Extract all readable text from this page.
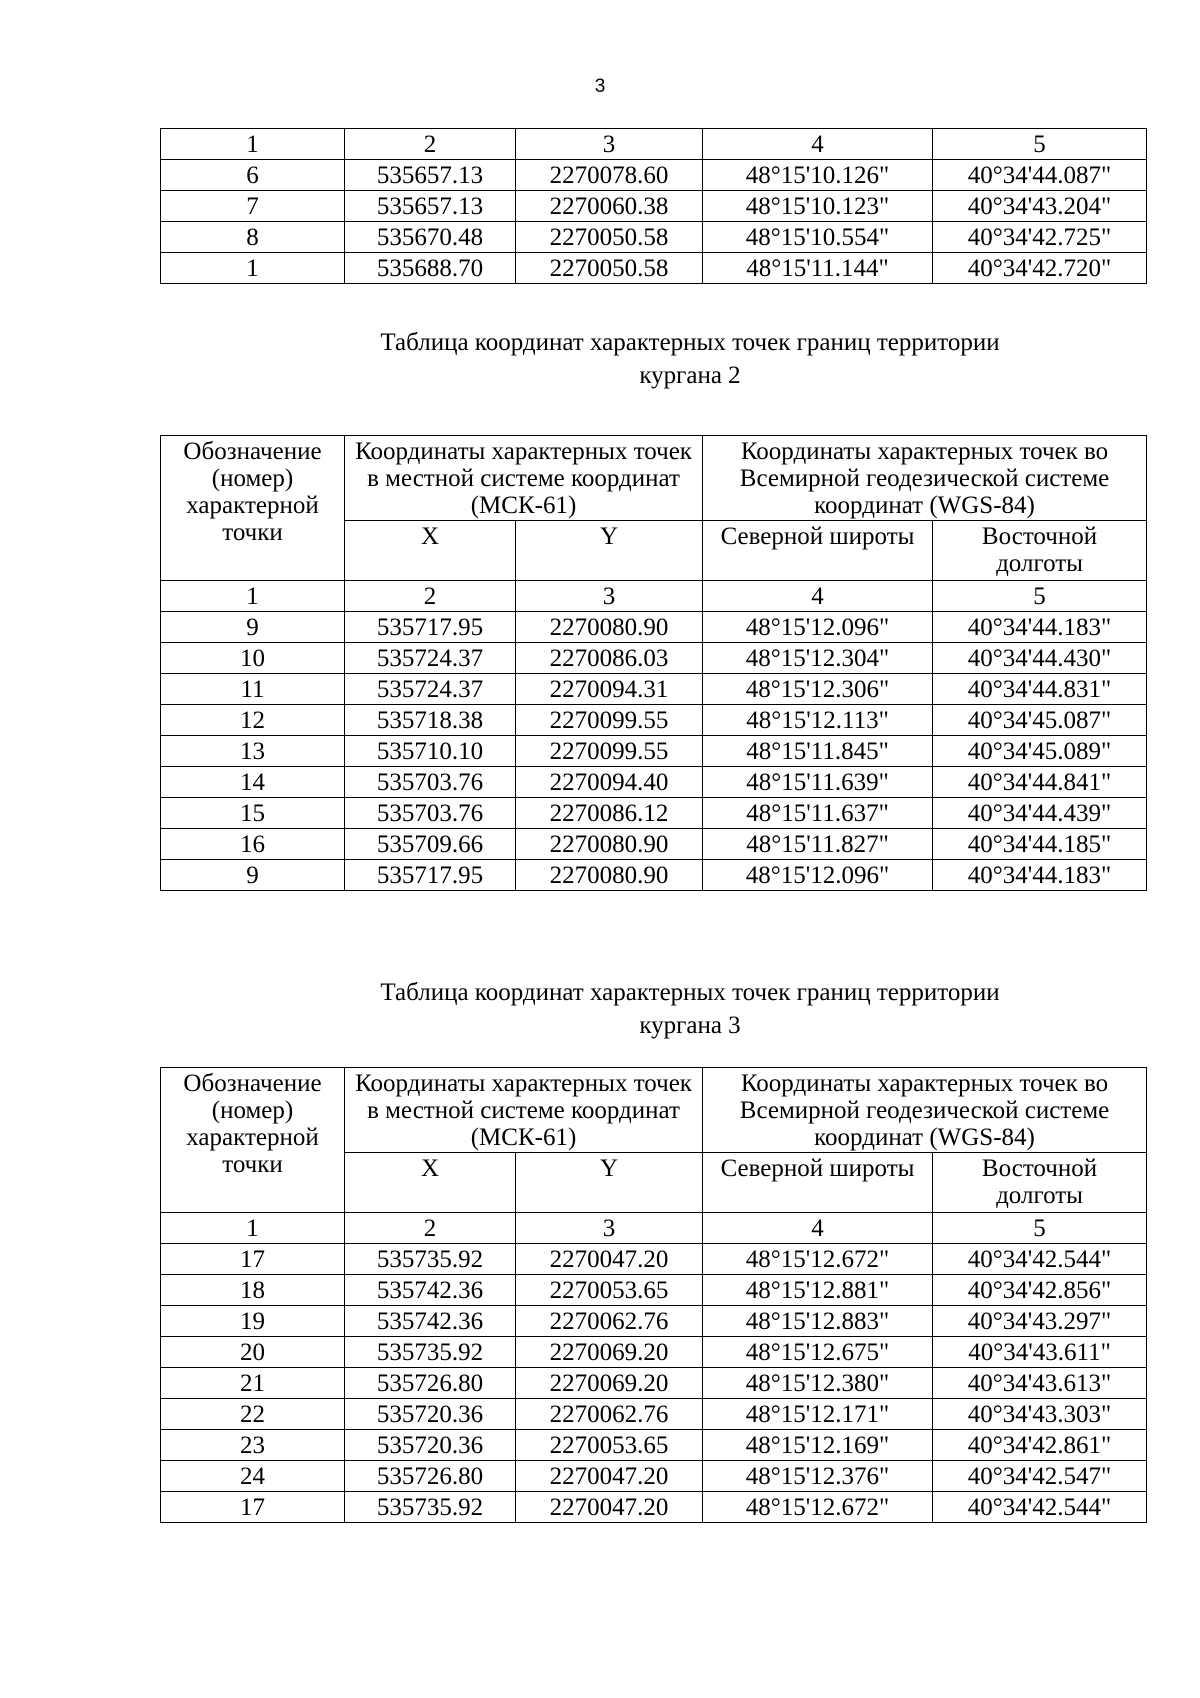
3
1	2	3	4	5
6	535657.13	2270078.60	48°15'10.126"	40°34'44.087"
7	535657.13	2270060.38	48°15'10.123"	40°34'43.204"
8	535670.48	2270050.58	48°15'10.554"	40°34'42.725"
1	535688.70	2270050.58	48°15'11.144"	40°34'42.720"
Таблица координат характерных точек границ территории
кургана 2
Обозначение (номер) характерной точки	Координаты характерных точек в местной системе координат (МСК-61)		Координаты характерных точек во Всемирной геодезической системе координат (WGS-84)	
	X	Y	Северной широты	Восточной долготы
1	2	3	4	5
9	535717.95	2270080.90	48°15'12.096"	40°34'44.183"
10	535724.37	2270086.03	48°15'12.304"	40°34'44.430"
11	535724.37	2270094.31	48°15'12.306"	40°34'44.831"
12	535718.38	2270099.55	48°15'12.113"	40°34'45.087"
13	535710.10	2270099.55	48°15'11.845"	40°34'45.089"
14	535703.76	2270094.40	48°15'11.639"	40°34'44.841"
15	535703.76	2270086.12	48°15'11.637"	40°34'44.439"
16	535709.66	2270080.90	48°15'11.827"	40°34'44.185"
9	535717.95	2270080.90	48°15'12.096"	40°34'44.183"
Таблица координат характерных точек границ территории
кургана 3
Обозначение (номер) характерной точки	Координаты характерных точек в местной системе координат (МСК-61)		Координаты характерных точек во Всемирной геодезической системе координат (WGS-84)	
	X	Y	Северной широты	Восточной долготы
1	2	3	4	5
17	535735.92	2270047.20	48°15'12.672"	40°34'42.544"
18	535742.36	2270053.65	48°15'12.881"	40°34'42.856"
19	535742.36	2270062.76	48°15'12.883"	40°34'43.297"
20	535735.92	2270069.20	48°15'12.675"	40°34'43.611"
21	535726.80	2270069.20	48°15'12.380"	40°34'43.613"
22	535720.36	2270062.76	48°15'12.171"	40°34'43.303"
23	535720.36	2270053.65	48°15'12.169"	40°34'42.861"
24	535726.80	2270047.20	48°15'12.376"	40°34'42.547"
17	535735.92	2270047.20	48°15'12.672"	40°34'42.544"
